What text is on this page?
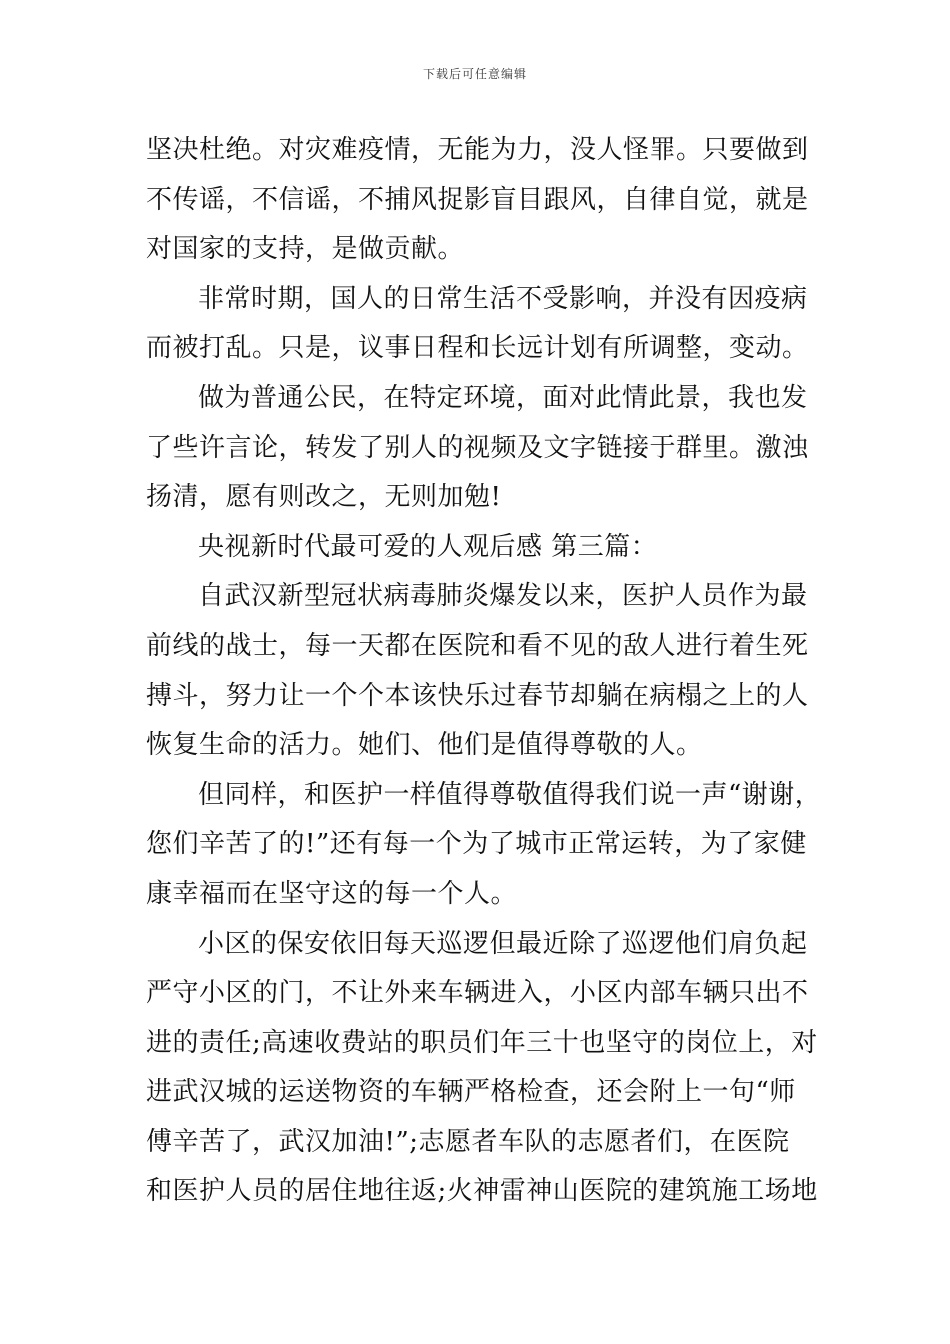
下载后可任意编辑

坚决杜绝。对灾难疫情，无能为力，没人怪罪。只要做到

不传谣，不信谣，不捕风捉影盲目跟风，自律自觉，就是

对国家的支持，是做贡献。

非常时期，国人的日常生活不受影响，并没有因疫病

而被打乱。只是，议事日程和长远计划有所调整，变动。

做为普通公民，在特定环境，面对此情此景，我也发

了些许言论，转发了别人的视频及文字链接于群里。激浊

扬清，愿有则改之，无则加勉!

央视新时代最可爱的人观后感 第三篇：

自武汉新型冠状病毒肺炎爆发以来，医护人员作为最

前线的战士，每一天都在医院和看不见的敌人进行着生死

搏斗，努力让一个个本该快乐过春节却躺在病榻之上的人

恢复生命的活力。她们、他们是值得尊敬的人。

但同样，和医护一样值得尊敬值得我们说一声“谢谢，

您们辛苦了的!”还有每一个为了城市正常运转，为了家健

康幸福而在坚守这的每一个人。

小区的保安依旧每天巡逻但最近除了巡逻他们肩负起

严守小区的门，不让外来车辆进入，小区内部车辆只出不

进的责任;高速收费站的职员们年三十也坚守的岗位上，对

进武汉城的运送物资的车辆严格检查，还会附上一句“师

傅辛苦了，武汉加油!”;志愿者车队的志愿者们，在医院

和医护人员的居住地往返;火神雷神山医院的建筑施工场地
